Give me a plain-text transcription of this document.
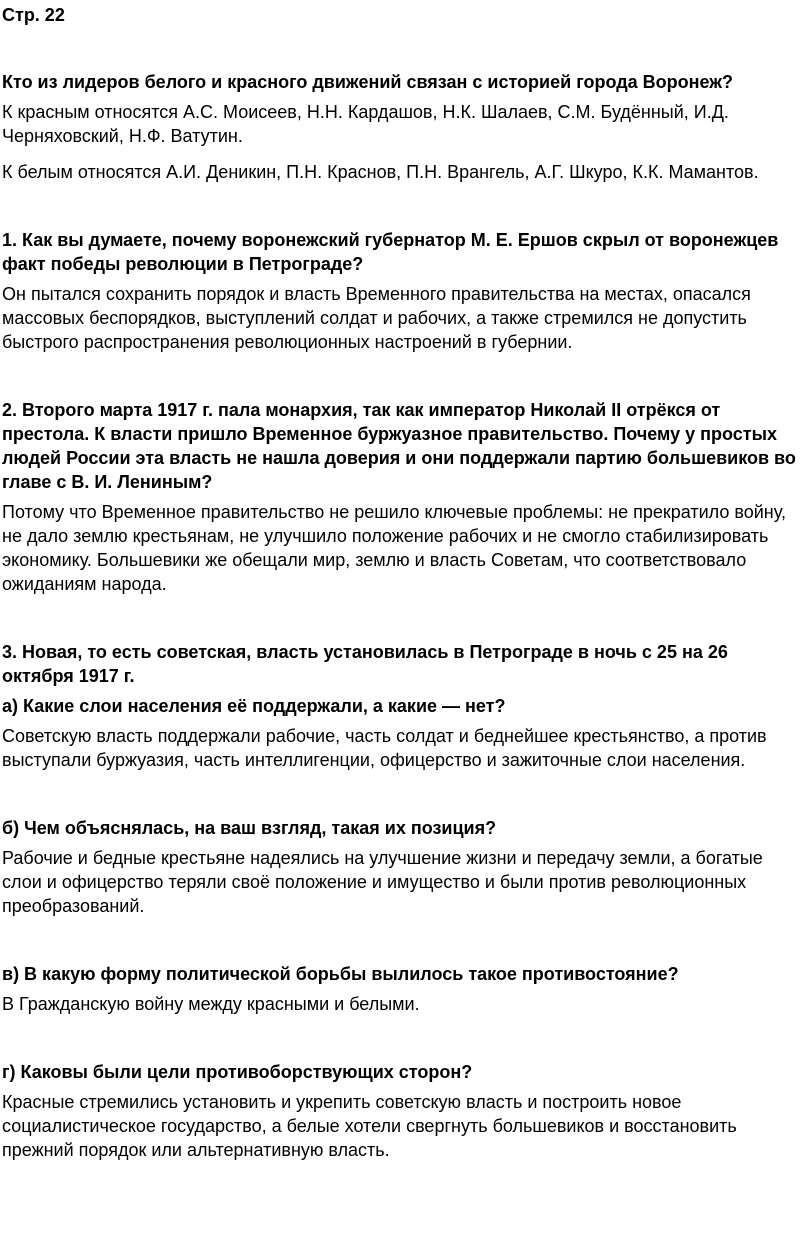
Стр. 22
Кто из лидеров белого и красного движений связан с историей города Воронеж?
К красным относятся А.С. Моисеев, Н.Н. Кардашов, Н.К. Шалаев, С.М. Будённый, И.Д. Черняховский, Н.Ф. Ватутин.
К белым относятся А.И. Деникин, П.Н. Краснов, П.Н. Врангель, А.Г. Шкуро, К.К. Мамантов.
1. Как вы думаете, почему воронежский губернатор М. Е. Ершов скрыл от воронежцев факт победы революции в Петрограде?
Он пытался сохранить порядок и власть Временного правительства на местах, опасался массовых беспорядков, выступлений солдат и рабочих, а также стремился не допустить быстрого распространения революционных настроений в губернии.
2. Второго марта 1917 г. пала монархия, так как император Николай II отрёкся от престола. К власти пришло Временное буржуазное правительство. Почему у простых людей России эта власть не нашла доверия и они поддержали партию большевиков во главе с В. И. Лениным?
Потому что Временное правительство не решило ключевые проблемы: не прекратило войну, не дало землю крестьянам, не улучшило положение рабочих и не смогло стабилизировать экономику. Большевики же обещали мир, землю и власть Советам, что соответствовало ожиданиям народа.
3. Новая, то есть советская, власть установилась в Петрограде в ночь с 25 на 26 октября 1917 г.
а) Какие слои населения её поддержали, а какие — нет?
Советскую власть поддержали рабочие, часть солдат и беднейшее крестьянство, а против выступали буржуазия, часть интеллигенции, офицерство и зажиточные слои населения.
б) Чем объяснялась, на ваш взгляд, такая их позиция?
Рабочие и бедные крестьяне надеялись на улучшение жизни и передачу земли, а богатые слои и офицерство теряли своё положение и имущество и были против революционных преобразований.
в) В какую форму политической борьбы вылилось такое противостояние?
В Гражданскую войну между красными и белыми.
г) Каковы были цели противоборствующих сторон?
Красные стремились установить и укрепить советскую власть и построить новое социалистическое государство, а белые хотели свергнуть большевиков и восстановить прежний порядок или альтернативную власть.
